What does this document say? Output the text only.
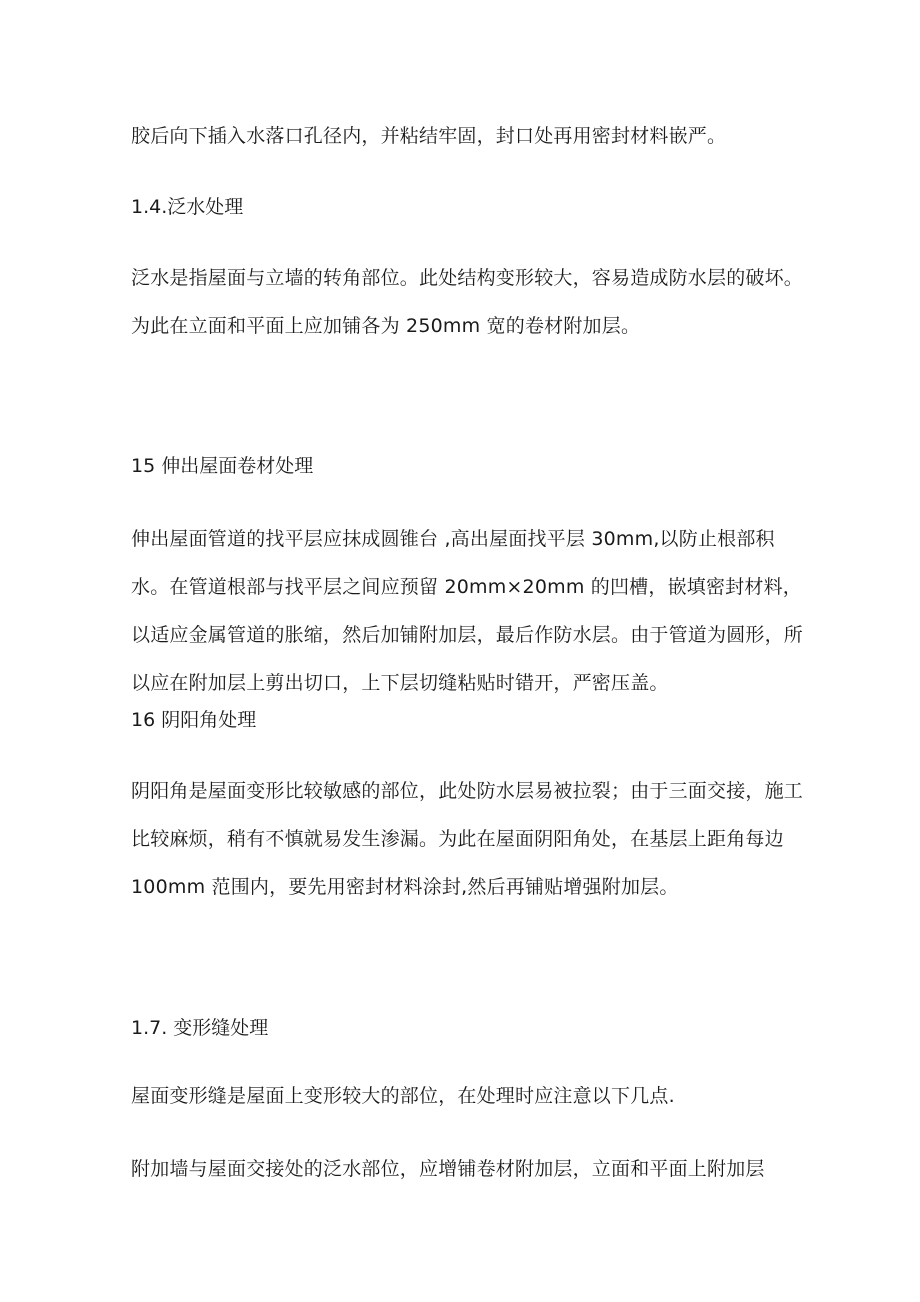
胶后向下插入水落口孔径内，并粘结牢固，封口处再用密封材料嵌严。

1.4.泛水处理

泛水是指屋面与立墙的转角部位。此处结构变形较大，容易造成防水层的破坏。为此在立面和平面上应加铺各为 250mm 宽的卷材附加层。

15 伸出屋面卷材处理

伸出屋面管道的找平层应抹成圆锥台 ,高出屋面找平层 30mm,以防止根部积水。在管道根部与找平层之间应预留 20mm×20mm 的凹槽，嵌填密封材料，以适应金属管道的胀缩，然后加铺附加层，最后作防水层。由于管道为圆形，所以应在附加层上剪出切口，上下层切缝粘贴时错开，严密压盖。

16 阴阳角处理

阴阳角是屋面变形比较敏感的部位，此处防水层易被拉裂；由于三面交接，施工比较麻烦，稍有不慎就易发生渗漏。为此在屋面阴阳角处，在基层上距角每边 100mm 范围内，要先用密封材料涂封,然后再铺贴增强附加层。

1.7. 变形缝处理

屋面变形缝是屋面上变形较大的部位，在处理时应注意以下几点.

附加墙与屋面交接处的泛水部位，应增铺卷材附加层，立面和平面上附加层
